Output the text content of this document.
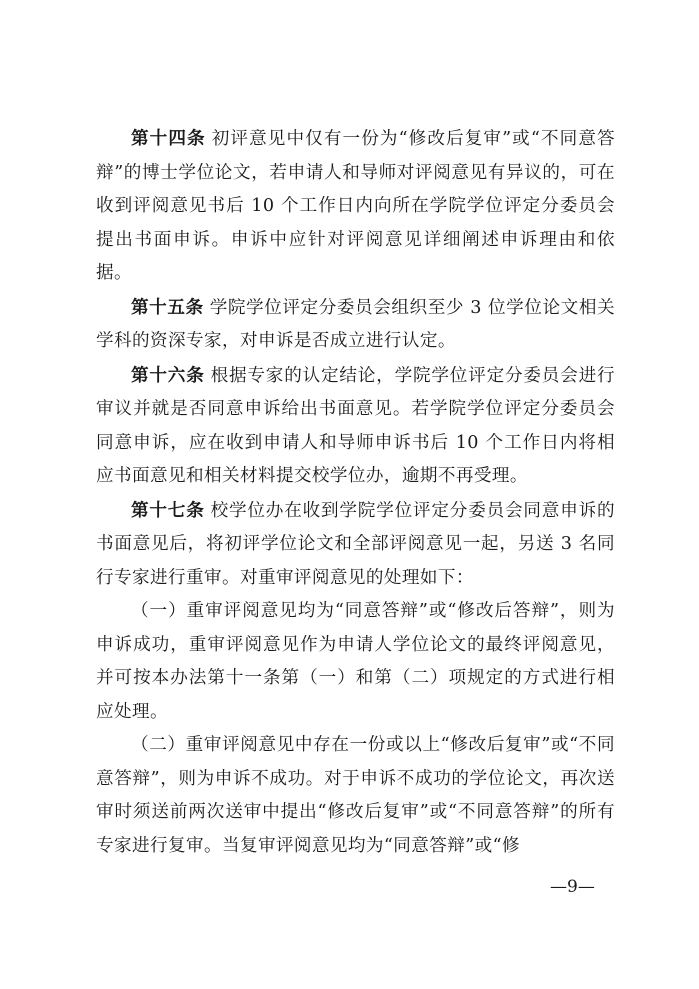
第十四条 初评意见中仅有一份为“修改后复审”或“不同意答辩”的博士学位论文，若申请人和导师对评阅意见有异议的，可在收到评阅意见书后 10 个工作日内向所在学院学位评定分委员会提出书面申诉。申诉中应针对评阅意见详细阐述申诉理由和依据。

第十五条 学院学位评定分委员会组织至少 3 位学位论文相关学科的资深专家，对申诉是否成立进行认定。

第十六条 根据专家的认定结论，学院学位评定分委员会进行审议并就是否同意申诉给出书面意见。若学院学位评定分委员会同意申诉，应在收到申请人和导师申诉书后 10 个工作日内将相应书面意见和相关材料提交校学位办，逾期不再受理。

第十七条 校学位办在收到学院学位评定分委员会同意申诉的书面意见后，将初评学位论文和全部评阅意见一起，另送 3 名同行专家进行重审。对重审评阅意见的处理如下：

（一）重审评阅意见均为“同意答辩”或“修改后答辩”，则为申诉成功，重审评阅意见作为申请人学位论文的最终评阅意见，并可按本办法第十一条第（一）和第（二）项规定的方式进行相应处理。

（二）重审评阅意见中存在一份或以上“修改后复审”或“不同意答辩”，则为申诉不成功。对于申诉不成功的学位论文，再次送审时须送前两次送审中提出“修改后复审”或“不同意答辩”的所有专家进行复审。当复审评阅意见均为“同意答辩”或“修

—9—
